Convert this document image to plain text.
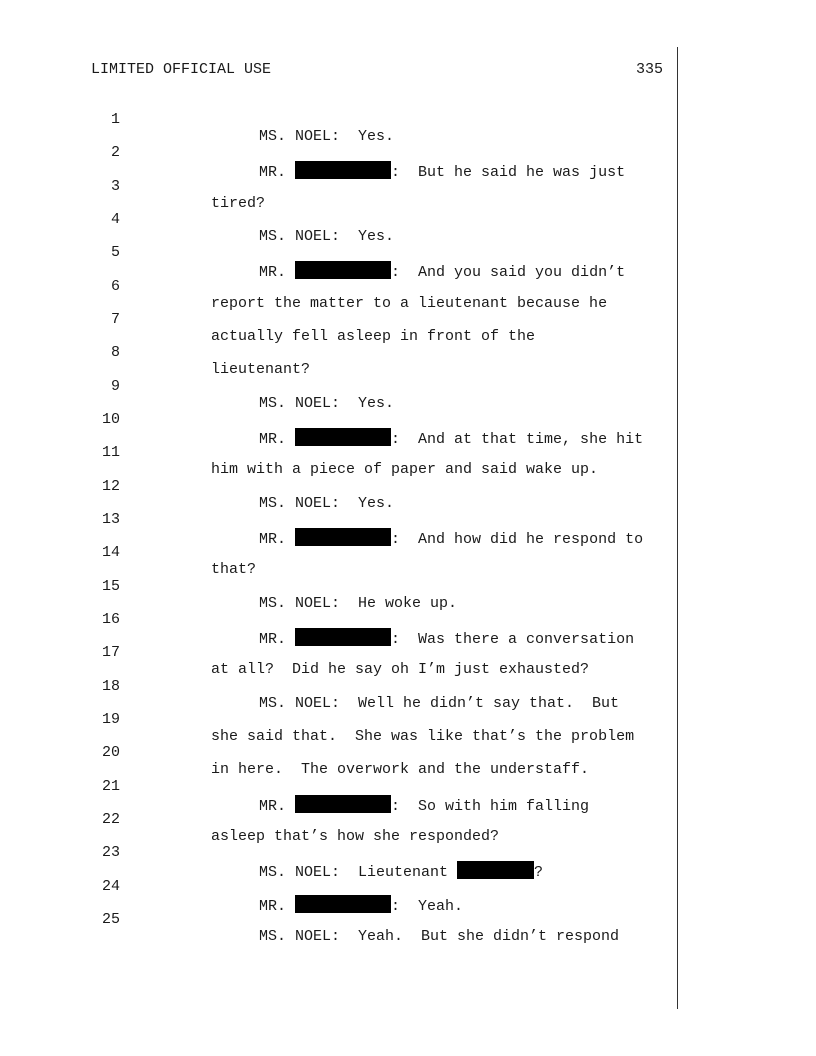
LIMITED OFFICIAL USE	335

1

MS. NOEL:  Yes.

2

MR.	:  But he said he was just

3

tired?

4

MS. NOEL:  Yes.

5

MR.	:  And you said you didn’t

6

report the matter to a lieutenant because he

7

actually fell asleep in front of the

8

lieutenant?

9

MS. NOEL:  Yes.

10

MR.	:  And at that time, she hit

11

him with a piece of paper and said wake up.

12

MS. NOEL:  Yes.

13

MR.	:  And how did he respond to

14

that?

15

MS. NOEL:  He woke up.

16

MR.	:  Was there a conversation

17

at all?  Did he say oh I’m just exhausted?

18

MS. NOEL:  Well he didn’t say that.  But

19

she said that.  She was like that’s the problem

20

in here.  The overwork and the understaff.

21

MR.	:  So with him falling

22

asleep that’s how she responded?

23

MS. NOEL:  Lieutenant	?

24

MR.	:  Yeah.

25

MS. NOEL:  Yeah.  But she didn’t respond
